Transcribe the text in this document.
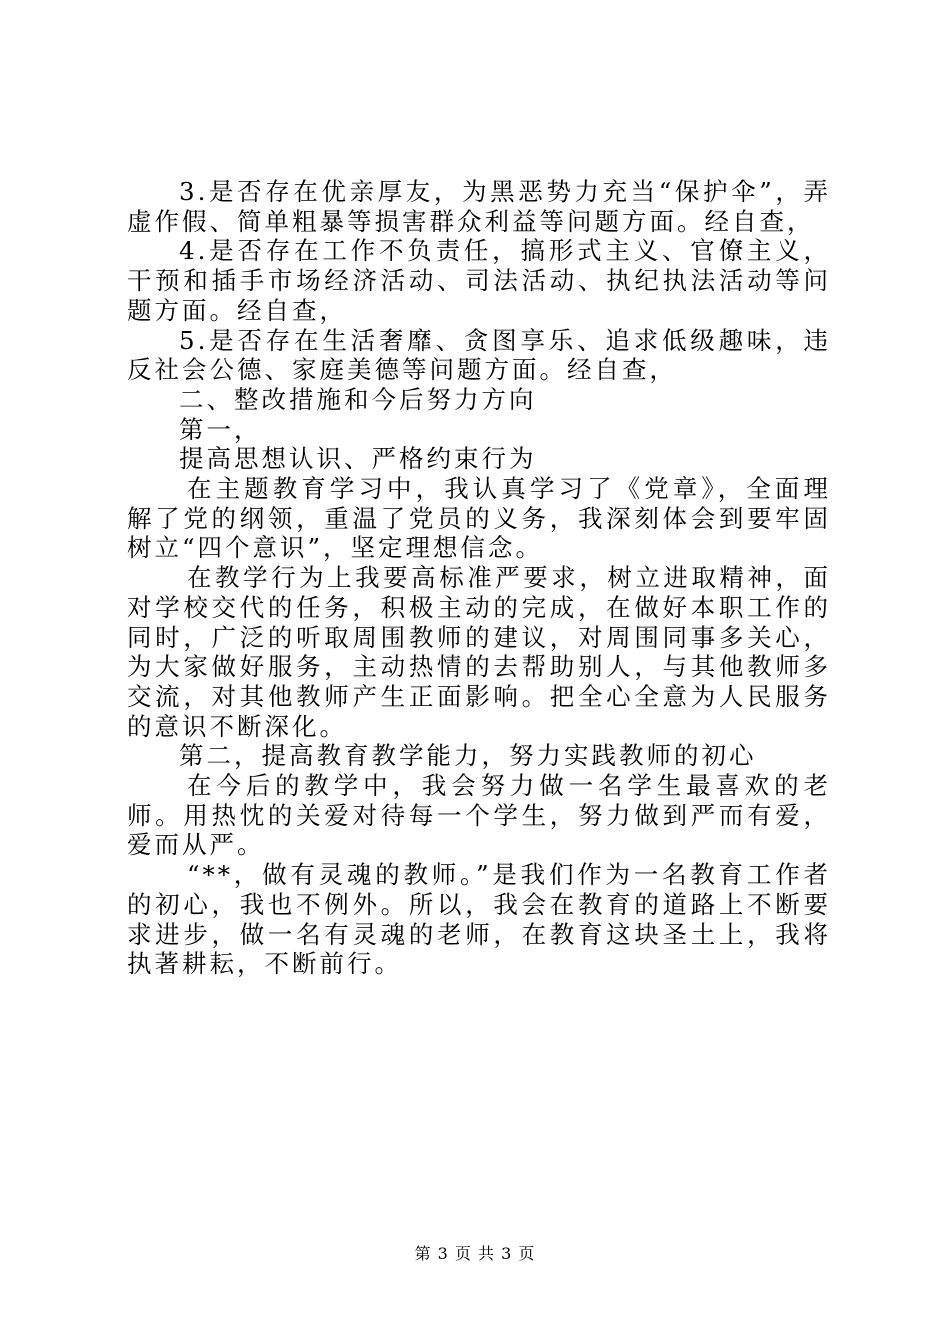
3.是否存在优亲厚友，为黑恶势力充当“保护伞”，弄虚作假、简单粗暴等损害群众利益等问题方面。经自查，

4.是否存在工作不负责任，搞形式主义、官僚主义，干预和插手市场经济活动、司法活动、执纪执法活动等问题方面。经自查，

5.是否存在生活奢靡、贪图享乐、追求低级趣味，违反社会公德、家庭美德等问题方面。经自查，

二、整改措施和今后努力方向

第一，

提高思想认识、严格约束行为

在主题教育学习中，我认真学习了《党章》，全面理解了党的纲领，重温了党员的义务，我深刻体会到要牢固树立“四个意识”，坚定理想信念。

在教学行为上我要高标准严要求，树立进取精神，面对学校交代的任务，积极主动的完成，在做好本职工作的同时，广泛的听取周围教师的建议，对周围同事多关心，为大家做好服务，主动热情的去帮助别人，与其他教师多交流，对其他教师产生正面影响。把全心全意为人民服务的意识不断深化。

第二，提高教育教学能力，努力实践教师的初心

在今后的教学中，我会努力做一名学生最喜欢的老师。用热忱的关爱对待每一个学生，努力做到严而有爱，爱而从严。

“**，做有灵魂的教师。”是我们作为一名教育工作者的初心，我也不例外。所以，我会在教育的道路上不断要求进步，做一名有灵魂的老师，在教育这块圣土上，我将执著耕耘，不断前行。

第 3 页 共 3 页
